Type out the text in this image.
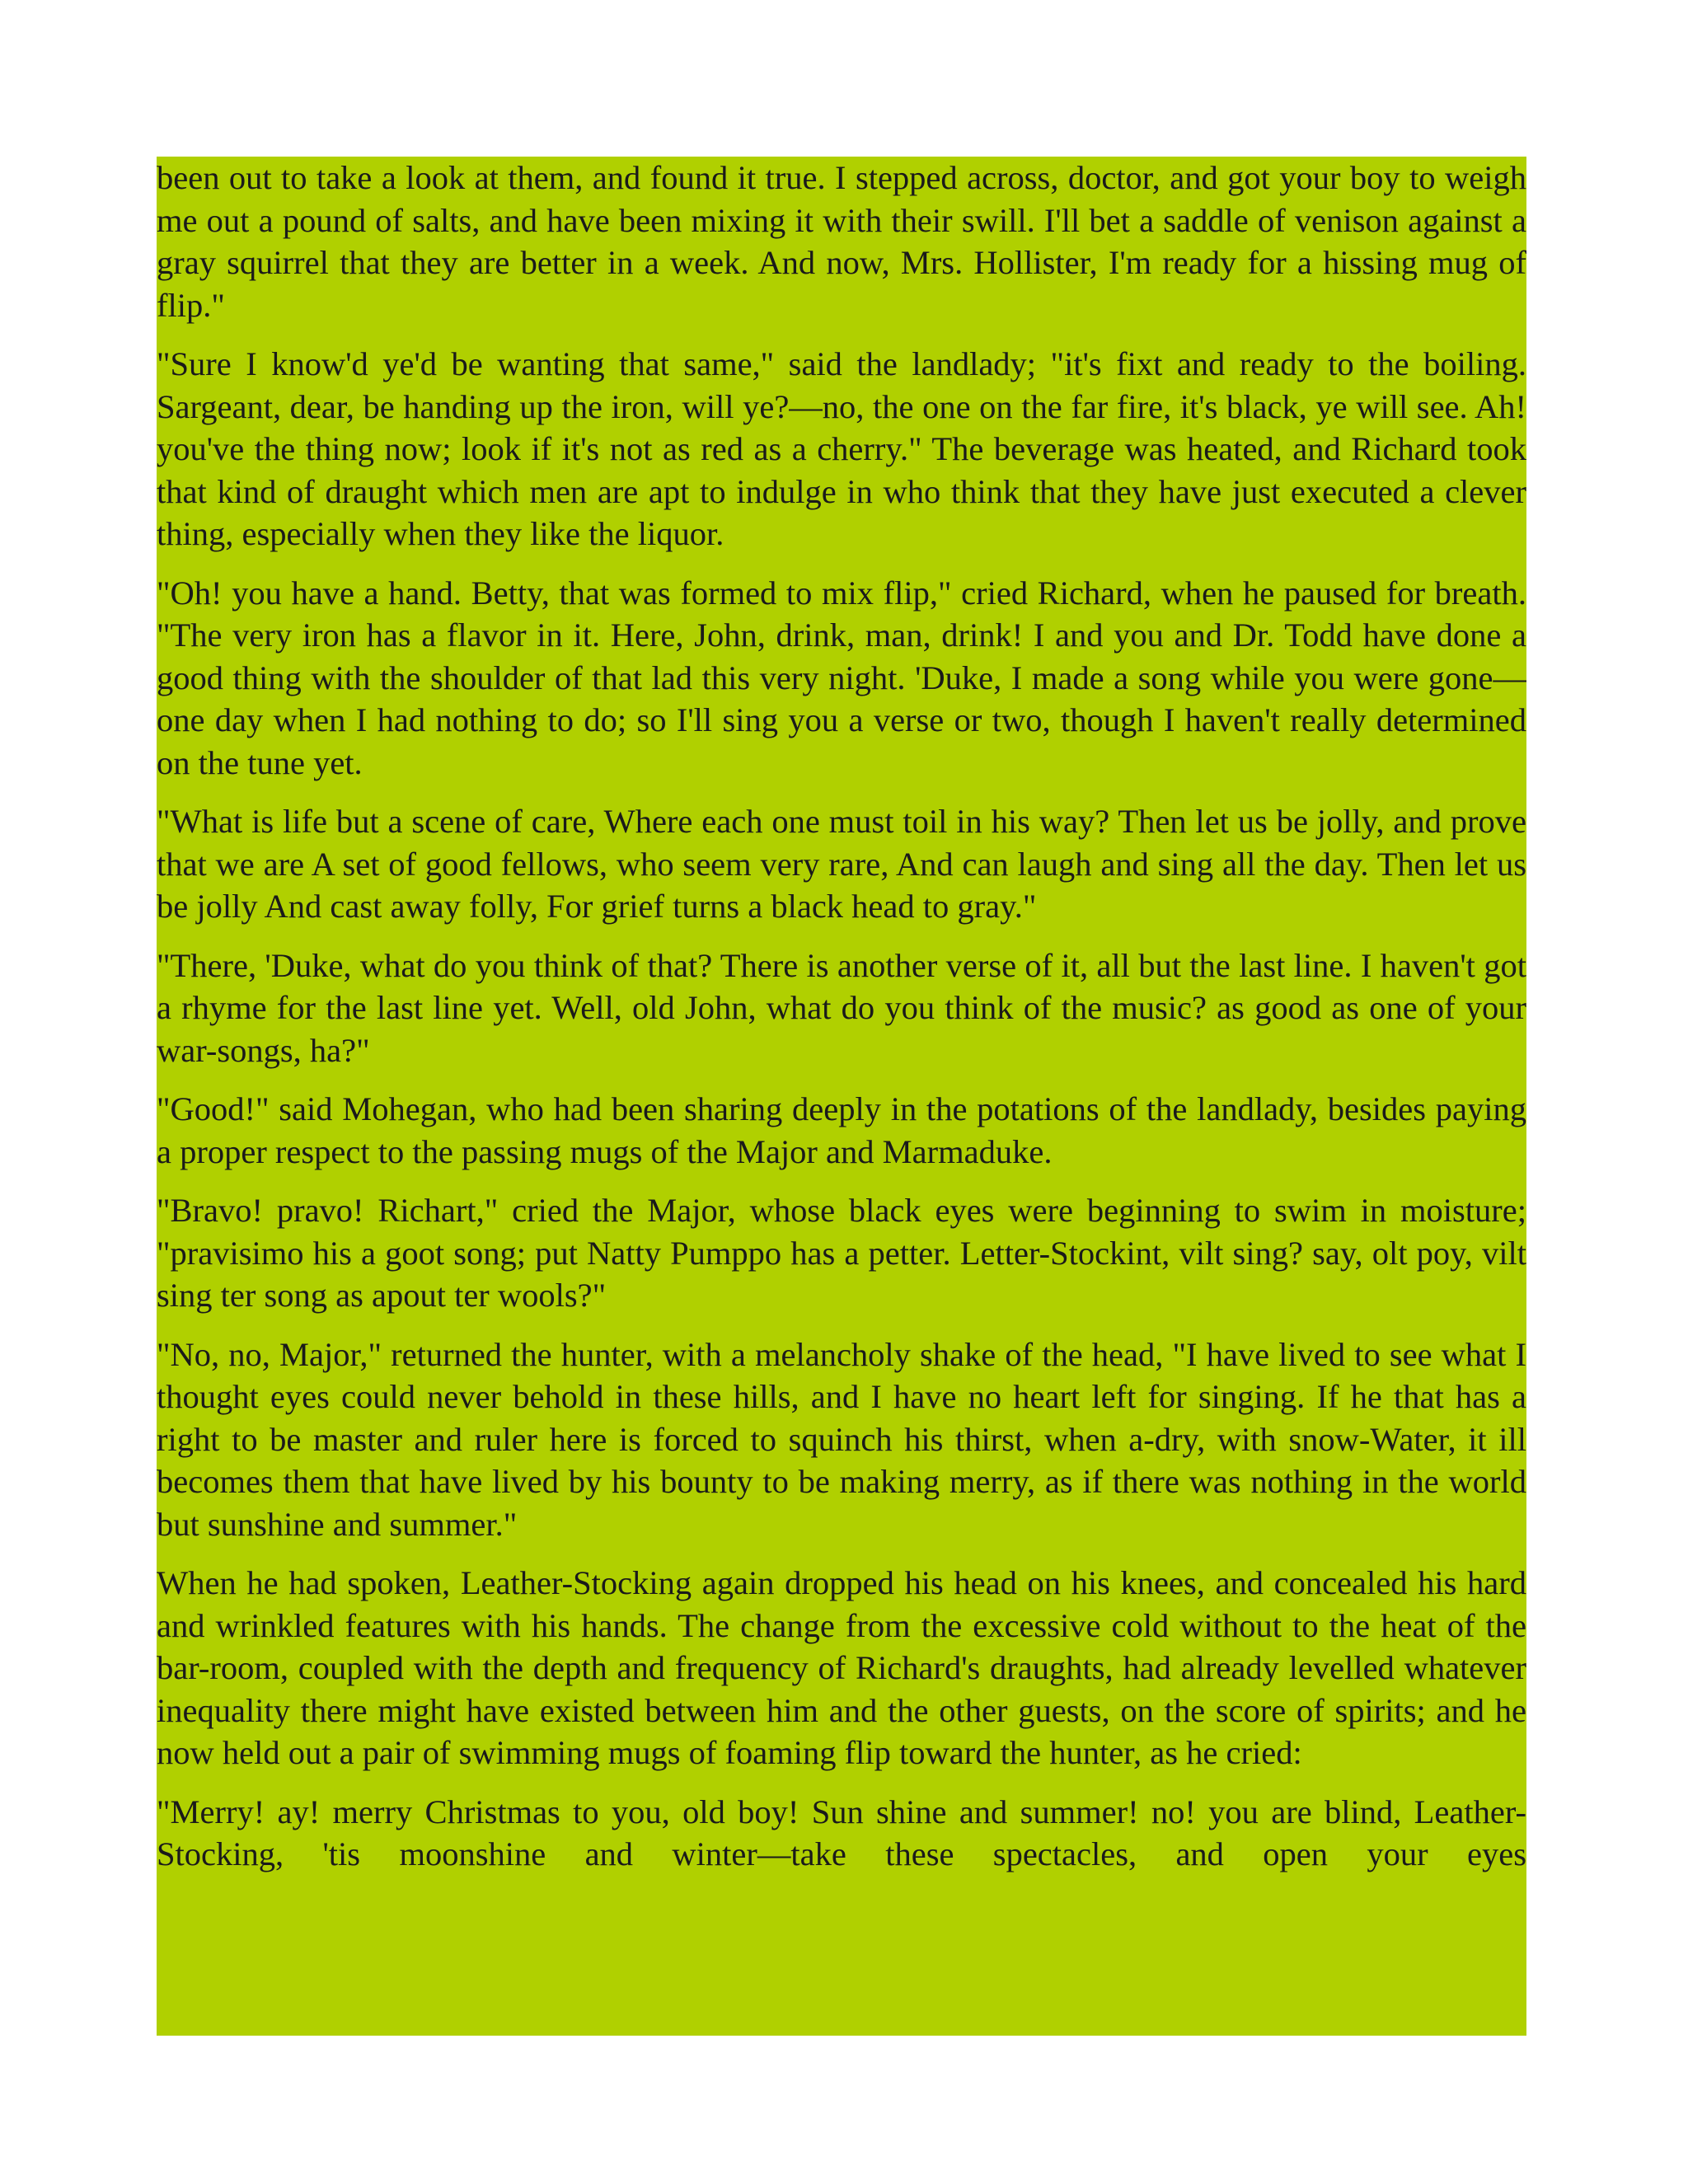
been out to take a look at them, and found it true. I stepped across, doctor, and got your boy to weigh me out a pound of salts, and have been mixing it with their swill. I'll bet a saddle of venison against a gray squirrel that they are better in a week. And now, Mrs. Hollister, I'm ready for a hissing mug of flip."

"Sure I know'd ye'd be wanting that same," said the landlady; "it's fixt and ready to the boiling. Sargeant, dear, be handing up the iron, will ye?—no, the one on the far fire, it's black, ye will see. Ah! you've the thing now; look if it's not as red as a cherry." The beverage was heated, and Richard took that kind of draught which men are apt to indulge in who think that they have just executed a clever thing, especially when they like the liquor.

"Oh! you have a hand. Betty, that was formed to mix flip," cried Richard, when he paused for breath. "The very iron has a flavor in it. Here, John, drink, man, drink! I and you and Dr. Todd have done a good thing with the shoulder of that lad this very night. 'Duke, I made a song while you were gone—one day when I had nothing to do; so I'll sing you a verse or two, though I haven't really determined on the tune yet.

"What is life but a scene of care, Where each one must toil in his way? Then let us be jolly, and prove that we are A set of good fellows, who seem very rare, And can laugh and sing all the day. Then let us be jolly And cast away folly, For grief turns a black head to gray."

"There, 'Duke, what do you think of that? There is another verse of it, all but the last line. I haven't got a rhyme for the last line yet. Well, old John, what do you think of the music? as good as one of your war-songs, ha?"

"Good!" said Mohegan, who had been sharing deeply in the potations of the landlady, besides paying a proper respect to the passing mugs of the Major and Marmaduke.

"Bravo! pravo! Richart," cried the Major, whose black eyes were beginning to swim in moisture; "pravisimo his a goot song; put Natty Pumppo has a petter. Letter-Stockint, vilt sing? say, olt poy, vilt sing ter song as apout ter wools?"

"No, no, Major," returned the hunter, with a melancholy shake of the head, "I have lived to see what I thought eyes could never behold in these hills, and I have no heart left for singing. If he that has a right to be master and ruler here is forced to squinch his thirst, when a-dry, with snow-Water, it ill becomes them that have lived by his bounty to be making merry, as if there was nothing in the world but sunshine and summer."

When he had spoken, Leather-Stocking again dropped his head on his knees, and concealed his hard and wrinkled features with his hands. The change from the excessive cold without to the heat of the bar-room, coupled with the depth and frequency of Richard's draughts, had already levelled whatever inequality there might have existed between him and the other guests, on the score of spirits; and he now held out a pair of swimming mugs of foaming flip toward the hunter, as he cried:

"Merry! ay! merry Christmas to you, old boy! Sun shine and summer! no! you are blind, Leather-Stocking, 'tis moonshine and winter—take these spectacles, and open your eyes
